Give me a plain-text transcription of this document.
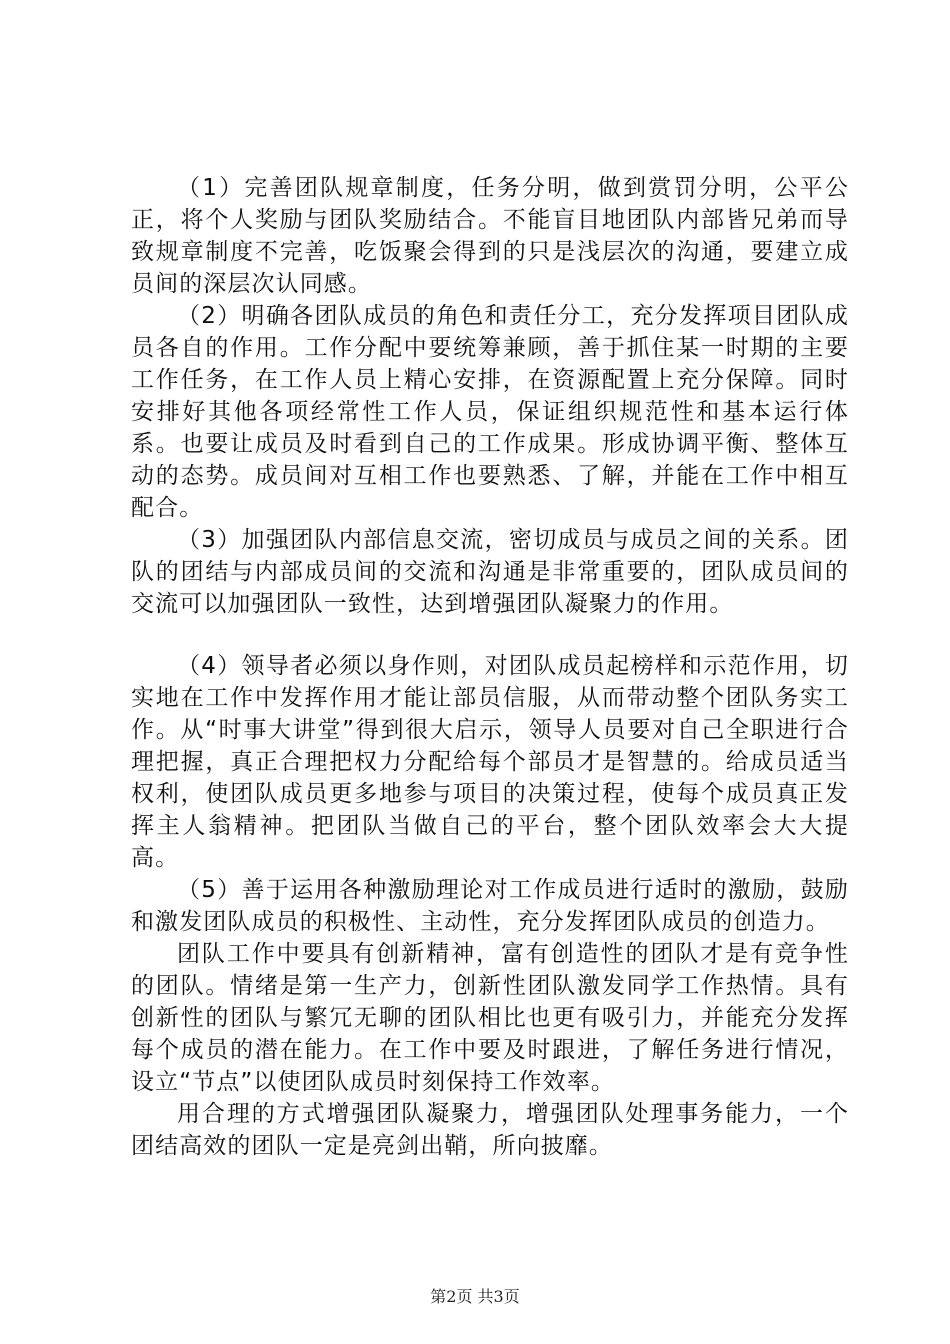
（1）完善团队规章制度，任务分明，做到赏罚分明，公平公正，将个人奖励与团队奖励结合。不能盲目地团队内部皆兄弟而导致规章制度不完善，吃饭聚会得到的只是浅层次的沟通，要建立成员间的深层次认同感。

（2）明确各团队成员的角色和责任分工，充分发挥项目团队成员各自的作用。工作分配中要统筹兼顾，善于抓住某一时期的主要工作任务，在工作人员上精心安排，在资源配置上充分保障。同时安排好其他各项经常性工作人员，保证组织规范性和基本运行体系。也要让成员及时看到自己的工作成果。形成协调平衡、整体互动的态势。成员间对互相工作也要熟悉、了解，并能在工作中相互配合。

（3）加强团队内部信息交流，密切成员与成员之间的关系。团队的团结与内部成员间的交流和沟通是非常重要的，团队成员间的交流可以加强团队一致性，达到增强团队凝聚力的作用。

（4）领导者必须以身作则，对团队成员起榜样和示范作用，切实地在工作中发挥作用才能让部员信服，从而带动整个团队务实工作。从“时事大讲堂”得到很大启示，领导人员要对自己全职进行合理把握，真正合理把权力分配给每个部员才是智慧的。给成员适当权利，使团队成员更多地参与项目的决策过程，使每个成员真正发挥主人翁精神。把团队当做自己的平台，整个团队效率会大大提高。

（5）善于运用各种激励理论对工作成员进行适时的激励，鼓励和激发团队成员的积极性、主动性，充分发挥团队成员的创造力。

团队工作中要具有创新精神，富有创造性的团队才是有竞争性的团队。情绪是第一生产力，创新性团队激发同学工作热情。具有创新性的团队与繁冗无聊的团队相比也更有吸引力，并能充分发挥每个成员的潜在能力。在工作中要及时跟进，了解任务进行情况，设立“节点”以使团队成员时刻保持工作效率。

用合理的方式增强团队凝聚力，增强团队处理事务能力，一个团结高效的团队一定是亮剑出鞘，所向披靡。

第2页 共3页
